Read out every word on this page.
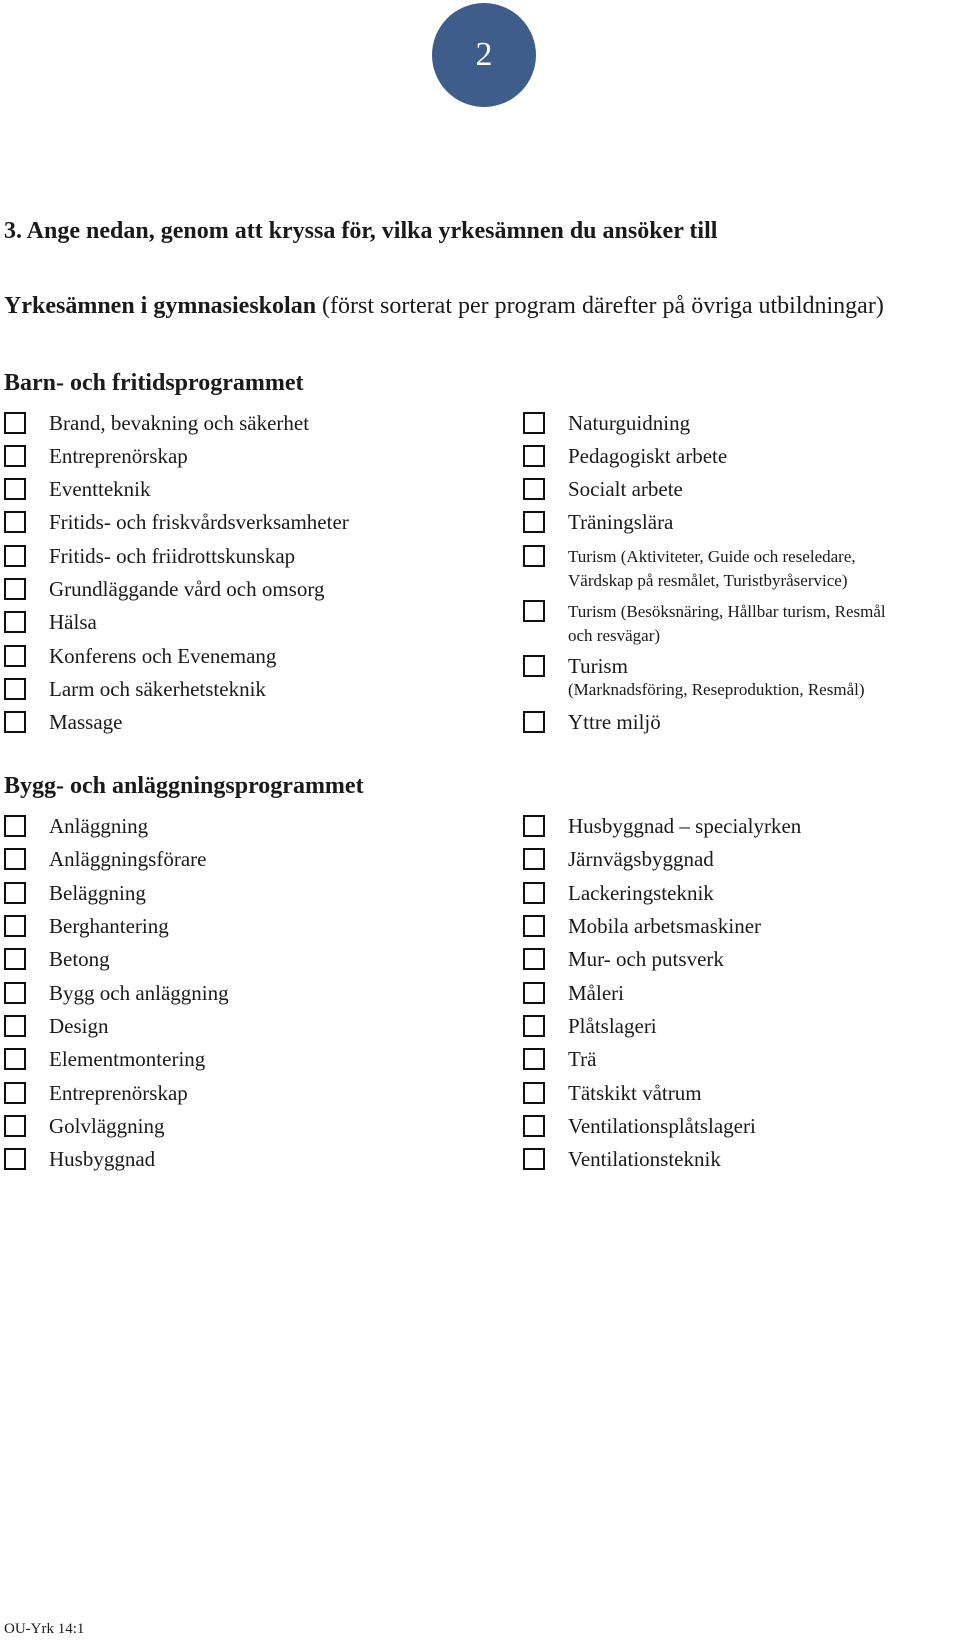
2
3. Ange nedan, genom att kryssa för, vilka yrkesämnen du ansöker till

Yrkesämnen i gymnasieskolan (först sorterat per program därefter på övriga utbildningar)

Barn- och fritidsprogrammet
Brand, bevakning och säkerhet
Entreprenörskap
Eventteknik
Fritids- och friskvårdsverksamheter
Fritids- och friidrottskunskap
Grundläggande vård och omsorg
Hälsa
Konferens och Evenemang
Larm och säkerhetsteknik
Massage
Naturguidning
Pedagogiskt arbete
Socialt arbete
Träningslära
Turism (Aktiviteter, Guide och reseledare,
Värdskap på resmålet, Turistbyråservice)
Turism (Besöksnäring, Hållbar turism, Resmål
och resvägar)
Turism
(Marknadsföring, Reseproduktion, Resmål)
Yttre miljö
Bygg- och anläggningsprogrammet
Anläggning
Anläggningsförare
Beläggning
Berghantering
Betong
Bygg och anläggning
Design
Elementmontering
Entreprenörskap
Golvläggning
Husbyggnad
Husbyggnad – specialyrken
Järnvägsbyggnad
Lackeringsteknik
Mobila arbetsmaskiner
Mur- och putsverk
Måleri
Plåtslageri
Trä
Tätskikt våtrum
Ventilationsplåtslageri
Ventilationsteknik

OU-Yrk 14:1
